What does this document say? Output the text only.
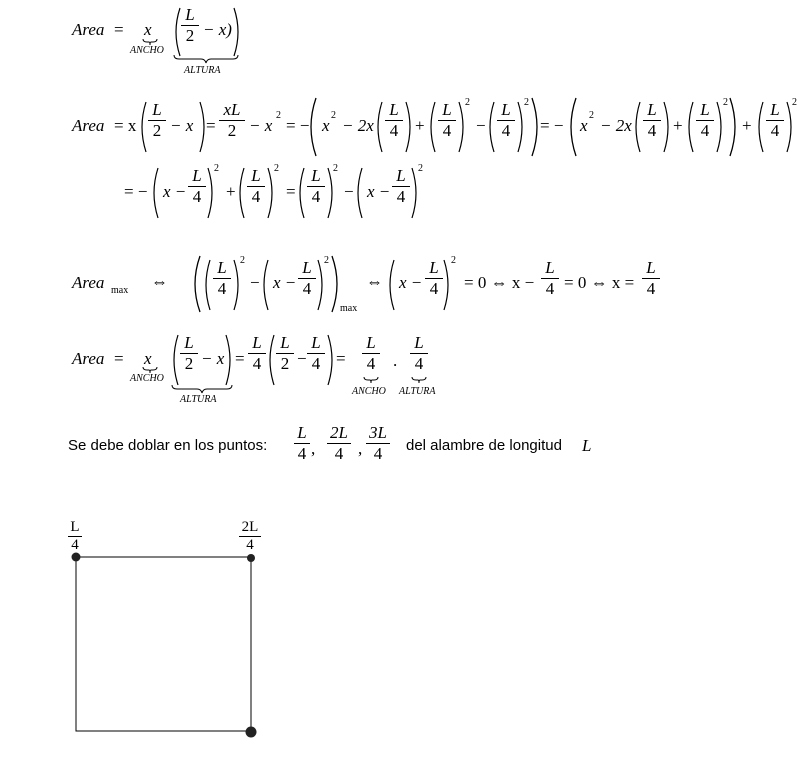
Area = x
ANCHO
L
2 − x)
ALTURA
Area = x
L
2 − x =
xL
2 − x
2
= − x
2
− 2x
L
4 +
L
4
2
−
L
4
2
= − x
2
− 2x
L
4 +
L
4
2
+
L
4
2
= − x −
L
4
2
+
L
4
2
=
L
4
2
− x −
L
4
2
Area max ⇔
L
4
2
− x −
L
4
2
max
⇔ x −
L
4
2
= 0 ⇔ x −
L
4 = 0 ⇔ x =
L
4
Area = x
ANCHO
L
2 − x
ALTURA
=
L
4
L
2 −
L
4 =
L
4
ANCHO
.
L
4
ALTURA
Se debe doblar en los puntos:
L
4 ,
2L
4 ,
3L
4	del alambre de longitud L
L
4
2L
4
